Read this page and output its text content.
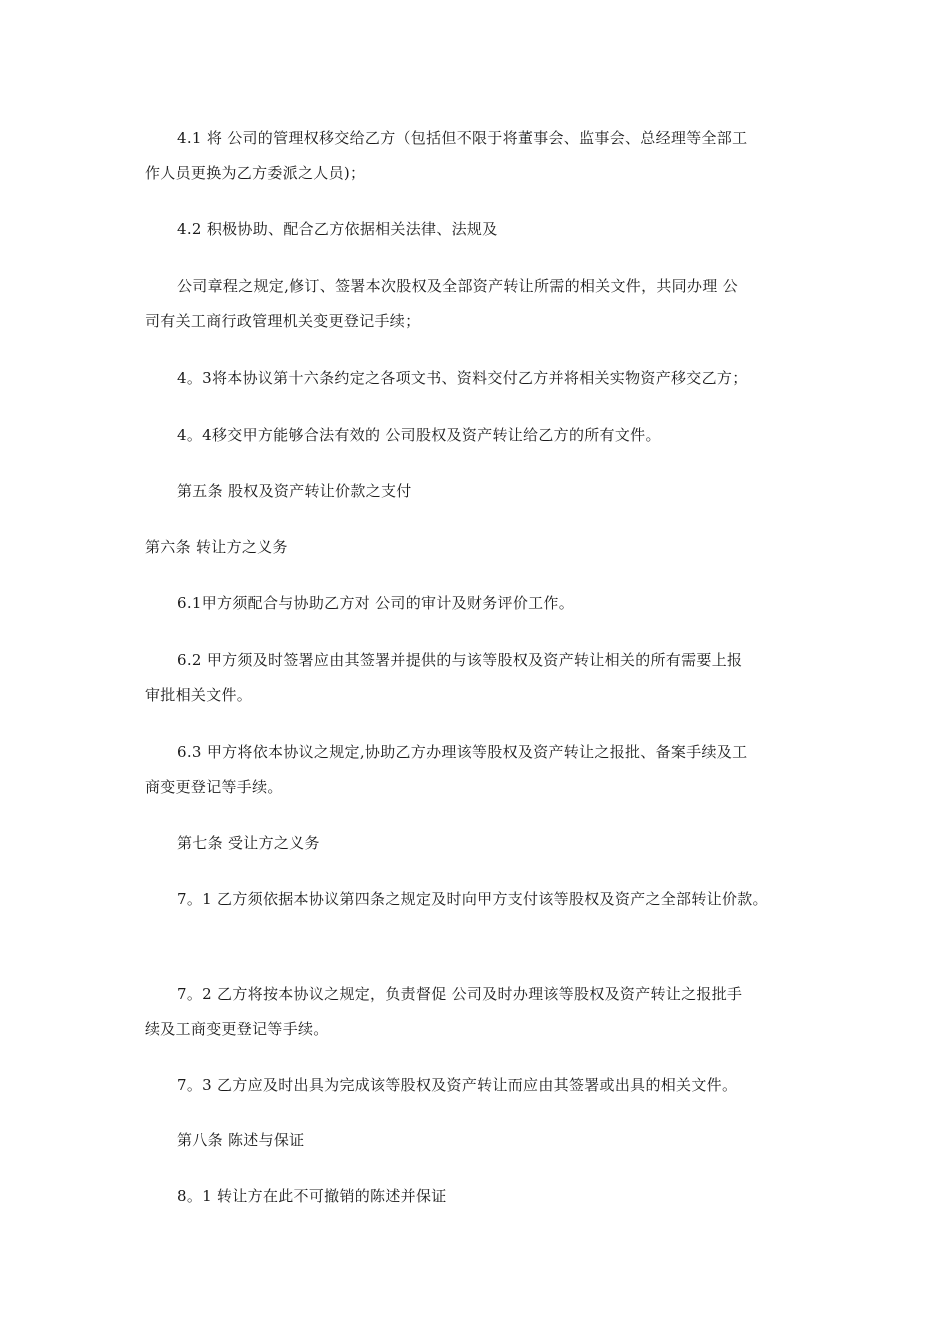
4.1 将 公司的管理权移交给乙方（包括但不限于将董事会、监事会、总经理等全部工

作人员更换为乙方委派之人员)；

4.2 积极协助、配合乙方依据相关法律、法规及

公司章程之规定,修订、签署本次股权及全部资产转让所需的相关文件，共同办理 公

司有关工商行政管理机关变更登记手续；

4。3将本协议第十六条约定之各项文书、资料交付乙方并将相关实物资产移交乙方；

4。4移交甲方能够合法有效的 公司股权及资产转让给乙方的所有文件。

第五条 股权及资产转让价款之支付

第六条 转让方之义务

6.1甲方须配合与协助乙方对 公司的审计及财务评价工作。

6.2 甲方须及时签署应由其签署并提供的与该等股权及资产转让相关的所有需要上报

审批相关文件。

6.3 甲方将依本协议之规定,协助乙方办理该等股权及资产转让之报批、备案手续及工

商变更登记等手续。

第七条 受让方之义务

7。1 乙方须依据本协议第四条之规定及时向甲方支付该等股权及资产之全部转让价款。

7。2 乙方将按本协议之规定，负责督促 公司及时办理该等股权及资产转让之报批手

续及工商变更登记等手续。

7。3 乙方应及时出具为完成该等股权及资产转让而应由其签署或出具的相关文件。

第八条 陈述与保证

8。1 转让方在此不可撤销的陈述并保证
